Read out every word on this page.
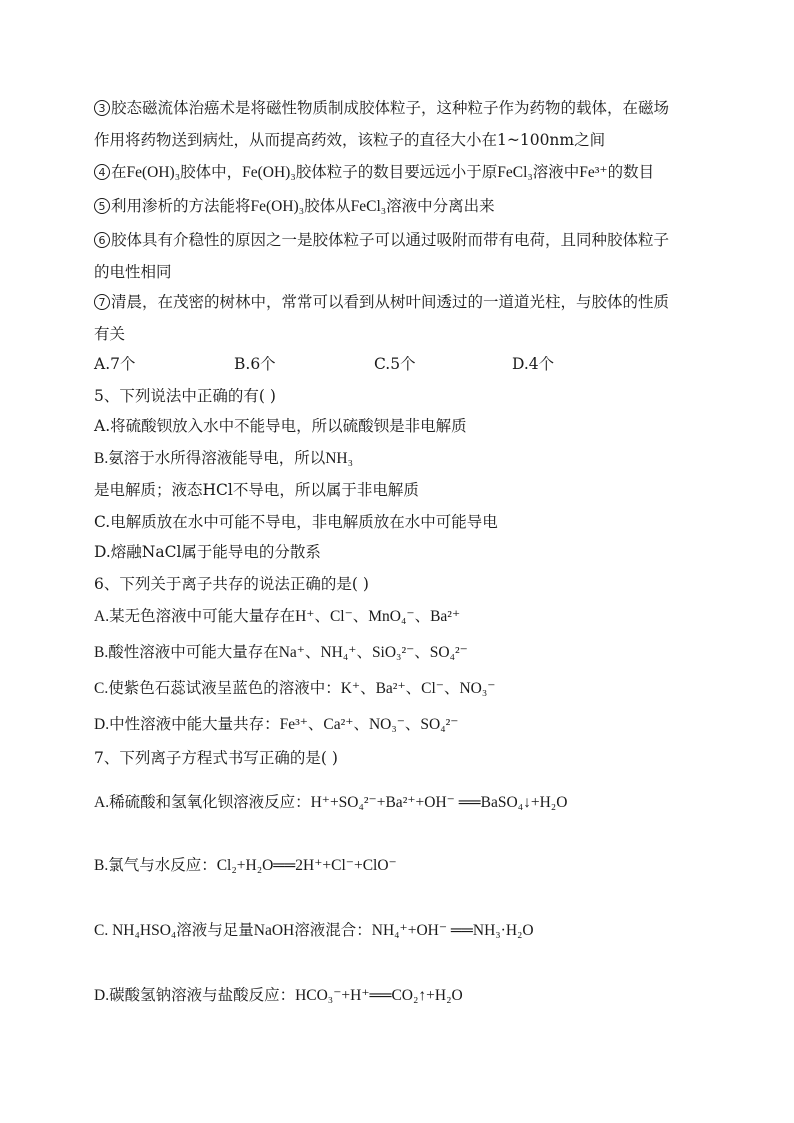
3 胶态磁流体治癌术是将磁性物质制成胶体粒子，这种粒子作为药物的载体，在磁场
作用将药物送到病灶，从而提高药效，该粒子的直径大小在1~100nm之间
4 在Fe(OH)₃胶体中，Fe(OH)₃胶体粒子的数目要远远小于原FeCl₃溶液中Fe³⁺的数目
5 利用渗析的方法能将Fe(OH)₃胶体从FeCl₃溶液中分离出来
6 胶体具有介稳性的原因之一是胶体粒子可以通过吸附而带有电荷，且同种胶体粒子
的电性相同
7 清晨，在茂密的树林中，常常可以看到从树叶间透过的一道道光柱，与胶体的性质
有关
A.7个	B.6个	C.5个	D.4个
5、下列说法中正确的有( )
A.将硫酸钡放入水中不能导电，所以硫酸钡是非电解质
B.氨溶于水所得溶液能导电，所以NH₃
是电解质；液态HCl不导电，所以属于非电解质
C.电解质放在水中可能不导电，非电解质放在水中可能导电
D.熔融NaCl属于能导电的分散系
6、下列关于离子共存的说法正确的是( )
A.某无色溶液中可能大量存在H⁺、Cl⁻、MnO₄⁻、Ba²⁺
B.酸性溶液中可能大量存在Na⁺、NH₄⁺、SiO₃²⁻、SO₄²⁻
C.使紫色石蕊试液呈蓝色的溶液中：K⁺、Ba²⁺、Cl⁻、NO₃⁻
D.中性溶液中能大量共存：Fe³⁺、Ca²⁺、NO₃⁻、SO₄²⁻
7、下列离子方程式书写正确的是( )
A.稀硫酸和氢氧化钡溶液反应：H⁺+SO₄²⁻+Ba²⁺+OH⁻ ══BaSO₄↓+H₂O
B.氯气与水反应：Cl₂+H₂O══2H⁺+Cl⁻+ClO⁻
C. NH₄HSO₄溶液与足量NaOH溶液混合：NH₄⁺+OH⁻ ══NH₃·H₂O
D.碳酸氢钠溶液与盐酸反应：HCO₃⁻+H⁺══CO₂↑+H₂O
